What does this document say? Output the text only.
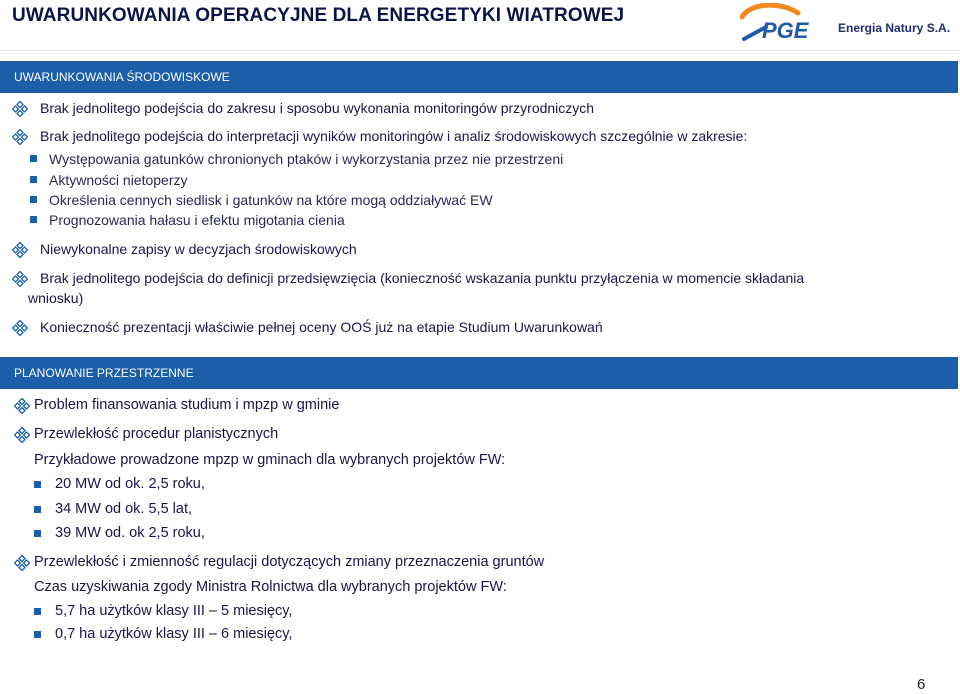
UWARUNKOWANIA OPERACYJNE DLA ENERGETYKI WIATROWEJ
PGE Energia Natury S.A.
UWARUNKOWANIA ŚRODOWISKOWE
Brak jednolitego podejścia do zakresu i sposobu wykonania monitoringów przyrodniczych
Brak jednolitego podejścia do interpretacji wyników monitoringów i analiz środowiskowych szczególnie w zakresie:
Występowania gatunków chronionych ptaków i wykorzystania przez nie przestrzeni
Aktywności nietoperzy
Określenia cennych siedlisk i gatunków na które mogą oddziaływać EW
Prognozowania hałasu i efektu migotania cienia
Niewykonalne zapisy w decyzjach środowiskowych
Brak jednolitego podejścia do definicji przedsięwzięcia (konieczność wskazania punktu przyłączenia w momencie składania
wniosku)
Konieczność prezentacji właściwie pełnej oceny OOŚ już na etapie Studium Uwarunkowań
PLANOWANIE PRZESTRZENNE
Problem finansowania studium i mpzp w gminie
Przewlekłość procedur planistycznych
Przykładowe prowadzone mpzp w gminach dla wybranych projektów FW:
20 MW od ok. 2,5 roku,
34 MW od ok. 5,5 lat,
39 MW od. ok 2,5 roku,
Przewlekłość i zmienność regulacji dotyczących zmiany przeznaczenia gruntów
Czas uzyskiwania zgody Ministra Rolnictwa dla wybranych projektów FW:
5,7 ha użytków klasy III – 5 miesięcy,
0,7 ha użytków klasy III – 6 miesięcy,
6
